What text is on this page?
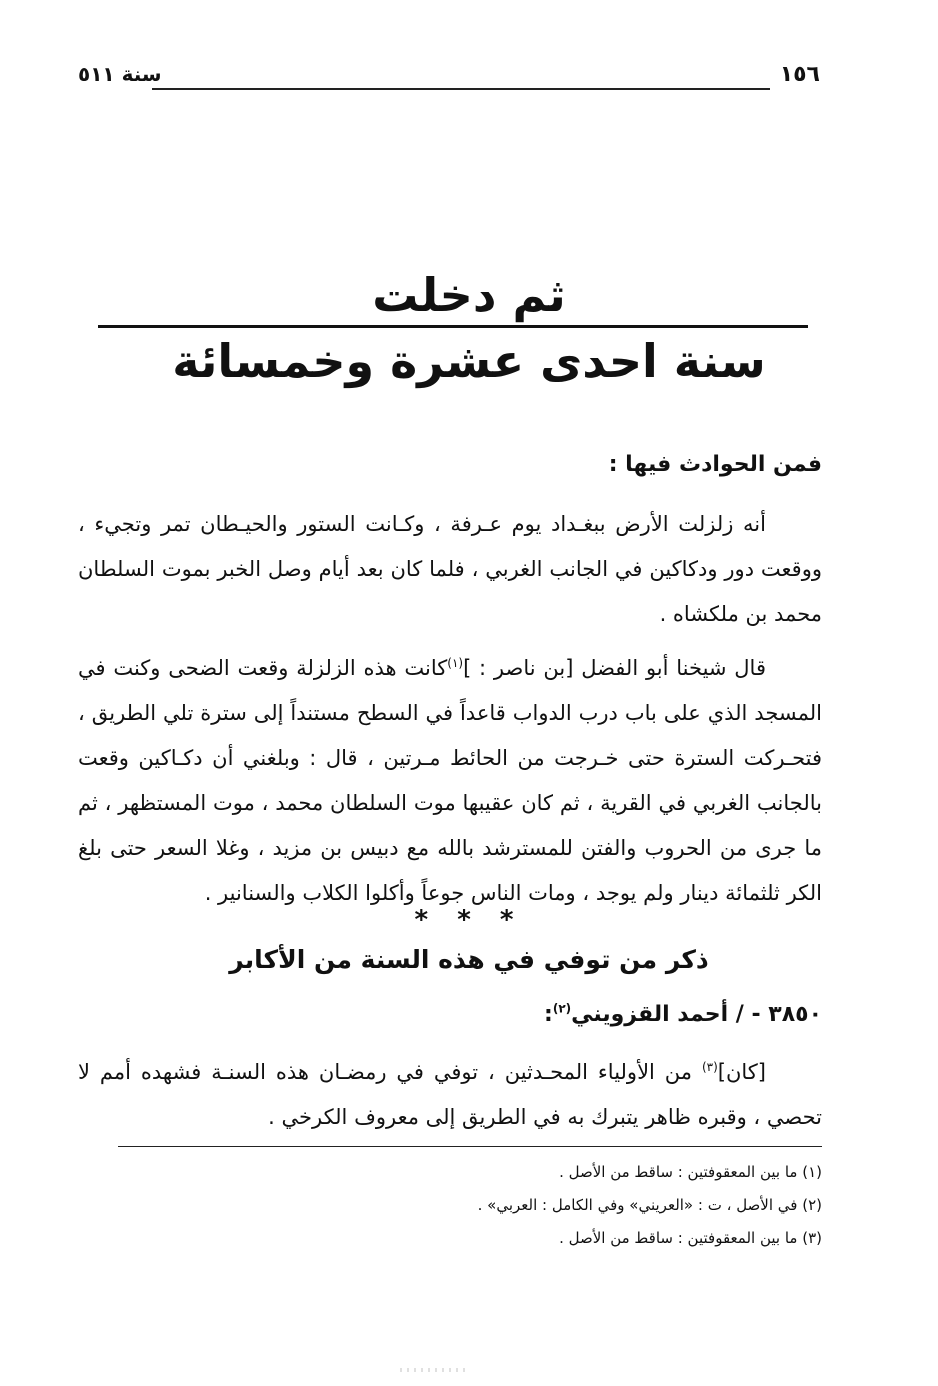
١٥٦
سنة ٥١١
ثم دخلت
سنة احدى عشرة وخمسائة
فمن الحوادث فيها :
أنه زلزلت الأرض ببغـداد يوم عـرفة ، وكـانت الستور والحيـطان تمر وتجيء ، ووقعت دور ودكاكين في الجانب الغربي ، فلما كان بعد أيام وصل الخبر بموت السلطان محمد بن ملكشاه .
قال شيخنا أبو الفضل [بن ناصر : ]$^{(١)}$كانت هذه الزلزلة وقعت الضحى وكنت في المسجد الذي على باب درب الدواب قاعداً في السطح مستنداً إلى سترة تلي الطريق ، فتحـركت السترة حتى خـرجت من الحائط مـرتين ، قال : وبلغني أن دكـاكين وقعت بالجانب الغربي في القرية ، ثم كان عقيبها موت السلطان محمد ، موت المستظهر ، ثم ما جرى من الحروب والفتن للمسترشد بالله مع دبيس بن مزيد ، وغلا السعر حتى بلغ الكر ثلثمائة دينار ولم يوجد ، ومات الناس جوعاً وأكلوا الكلاب والسنانير .
* * *
ذكر من توفي في هذه السنة من الأكابر
٣٨٥٠ - / أحمد القزويني$^{(٢)}$:
[كان]$^{(٣)}$ من الأولياء المحـدثين ، توفي في رمضـان هذه السنـة فشهده أمم لا تحصي ، وقبره ظاهر يتبرك به في الطريق إلى معروف الكرخي .
(١) ما بين المعقوفتين : ساقط من الأصل .
(٢) في الأصل ، ت : «العريني» وفي الكامل : العربي» .
(٣) ما بين المعقوفتين : ساقط من الأصل .
